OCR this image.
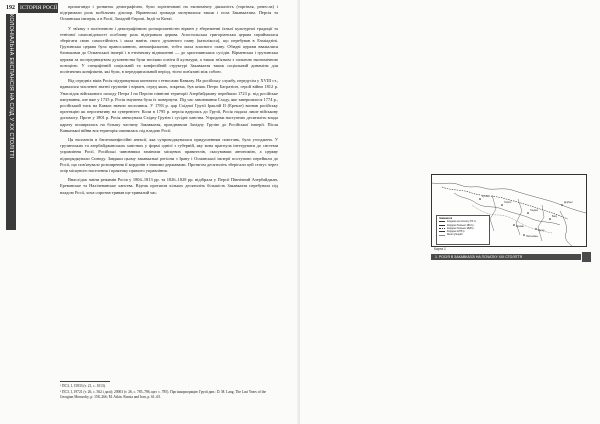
192 ІСТОРІЯ РОСІЇ
КОЛОНІАЛЬНА ЕКСПАНСІЯ НА СХІД У ХХ СТОЛІТТІ

пропаганди і розвиток демографічно, були зорієнтовані на економічну діяльність (торгівля, ремесла) і підтримали роль мобільних діаспор. Вірменські громади заснувалися також і поза Закавказзям. Персія та Османська імперія, а в Росії, Західній Європі, Індії та Китаї.

У зв'язку з політичною і демографічною розпорошеністю вірмен у збереженні їхньої культурної традиції та етнічної самосвідомості особливу роль відігравала церква. Апостольська григоріанська церква сприймалася зберігати свою самостійність і мала навіть свого духовного главу (католікоса), що перебував в Ечміадзіні. Грузинська церква була православною, автокефальною, тобто мала власного главу. Обидві церкви вважалися близькими до Османської імперії і в етнічному відношенні — до християнських сусідів. Вірменська і грузинська церкви за посередництвом духовенства були носіями освіти й культури, а також зв'язком з сильною економічною позицією. У специфічній соціальній та конфесійній структурі Закавказзя також соціальний динамізм для політичних конфліктів, які були, в передщипальний період, тісно пов'язані між собою.

Від середніх віків Росія підтримувала контакти з етносами Кавказу. На російську службу, передусім у XVIII ст., вдавалися численні знатні грузинів і вірмен, серед яких, зокрема, був князь Петро Багратіон, герой війни 1812 р. Унаслідок військового походу Петра I на Персію північні території Азербайджану перейшли 1723 р. під російське панування, але вже у 1735 р. Росія змушена була їх повернути. Під час завоювання Сходу, яке завершилося 1774 р., російський тиск на Кавказ значно посилився. У 1783 р. цар Східної Грузії Іраклій II (Ерекле) визнав російську протекцію як перспективу на суверенітет. Коли в 1795 р. персія вдерлась до Грузії, Росія надала лише військову допомогу. Проте у 1801 р. Росія анексувала Східну Грузію і сусідні ханства. Упродовж наступних десятиліть влада царату поширилась на більшу частину Закавказзя, приєднавши Західну Грузію до Російської імперії. Після Кавказької війни вся територія опинилась під владою Росії.

Ця експансія в багатоконфесійні анексії, яка супроводжувалася придушенням повстань, була узгоджена. У грузинських та азербайджанських ханствах у формі однієї з губерній, яку вона прагнула інтегрувати до системи управління Росії. Російські чиновники замінили місцевих правителів, скасувавши автономію, а церкву підпорядкували Синоду. Завдяки цьому закавказькі регіони з Ірану і Османської імперії поступово перейшли до Росії, що пов'язувало розширення її кордонів з іншими державами. Протягом десятиліть зберігали цей статус через опір місцевого населення і практику прямого управління.

Внаслідок зміни режимів Росія у 1804–1813 рр. та 1826–1828 рр. відібрала у Персії Північний Азербайджан, Ереванське та Нахічеванське ханства. Відтак протягом кількох десятиліть більшість Закавказзя перебувала під владою Росії, хоча спротив тривав ще тривалий час.

¹ ПСЗ, I, 15833 (т. 21, с. 1013).
² ПСЗ, I, 19721 (т. 26, с. 562 і далі); 20003 (т. 26, с. 785–786, цит. с. 785). Про інкорпорацію Грузії див.: D. M. Lang. The Last Years of the Georgian Monarchy, p. 158–266; M. Atkin. Russia and Iran, p. 61–65.
Тифліс
Баку
Ереван
Шуша
Кутаїсі
Гянджа
Нахічевань
Дербент
Закавказзя
Кордони на початку XIX ст.
Кордони близько 1813 р.
Кордони близько 1828 р.
Кордони 1878 р.
Межі губерній
Карта 1
1. РОСІЯ В ЗАКАВКАЗЗІ НА ПОЧАТКУ ХІХ СТОЛІТТЯ
